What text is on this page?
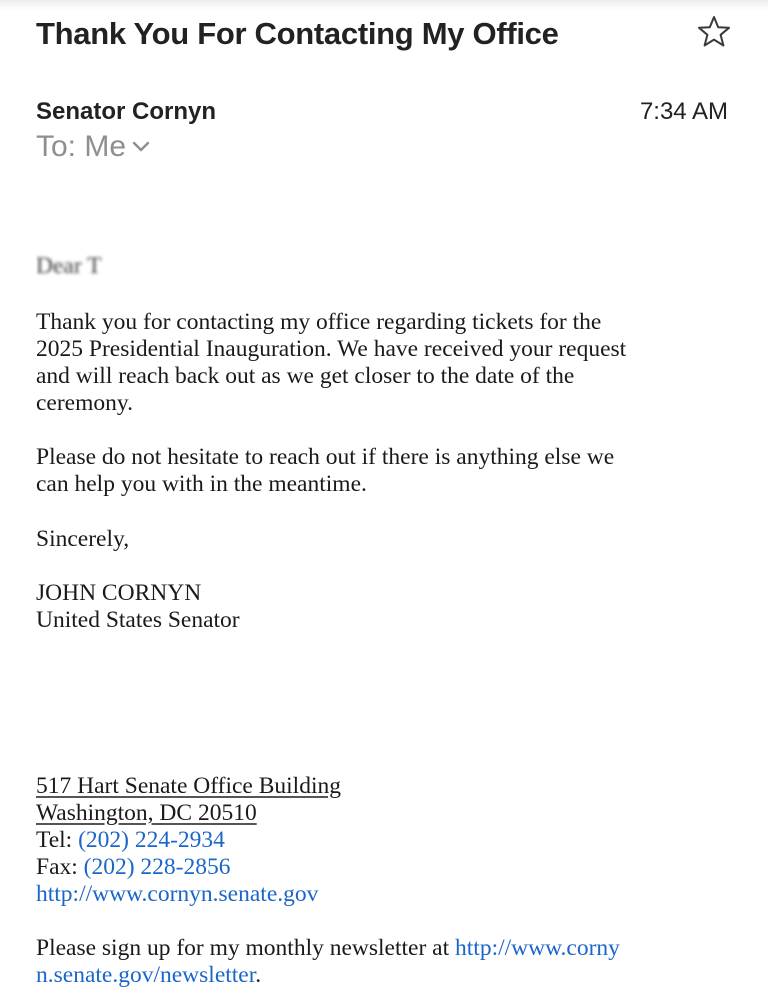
Thank You For Contacting My Office
Senator Cornyn	7:34 AM
To: Me
Dear T
Thank you for contacting my office regarding tickets for the
2025 Presidential Inauguration. We have received your request
and will reach back out as we get closer to the date of the
ceremony.
Please do not hesitate to reach out if there is anything else we
can help you with in the meantime.
Sincerely,
JOHN CORNYN
United States Senator
517 Hart Senate Office Building
Washington, DC 20510
Tel: (202) 224-2934
Fax: (202) 228-2856
http://www.cornyn.senate.gov
Please sign up for my monthly newsletter at http://www.corny
n.senate.gov/newsletter.
